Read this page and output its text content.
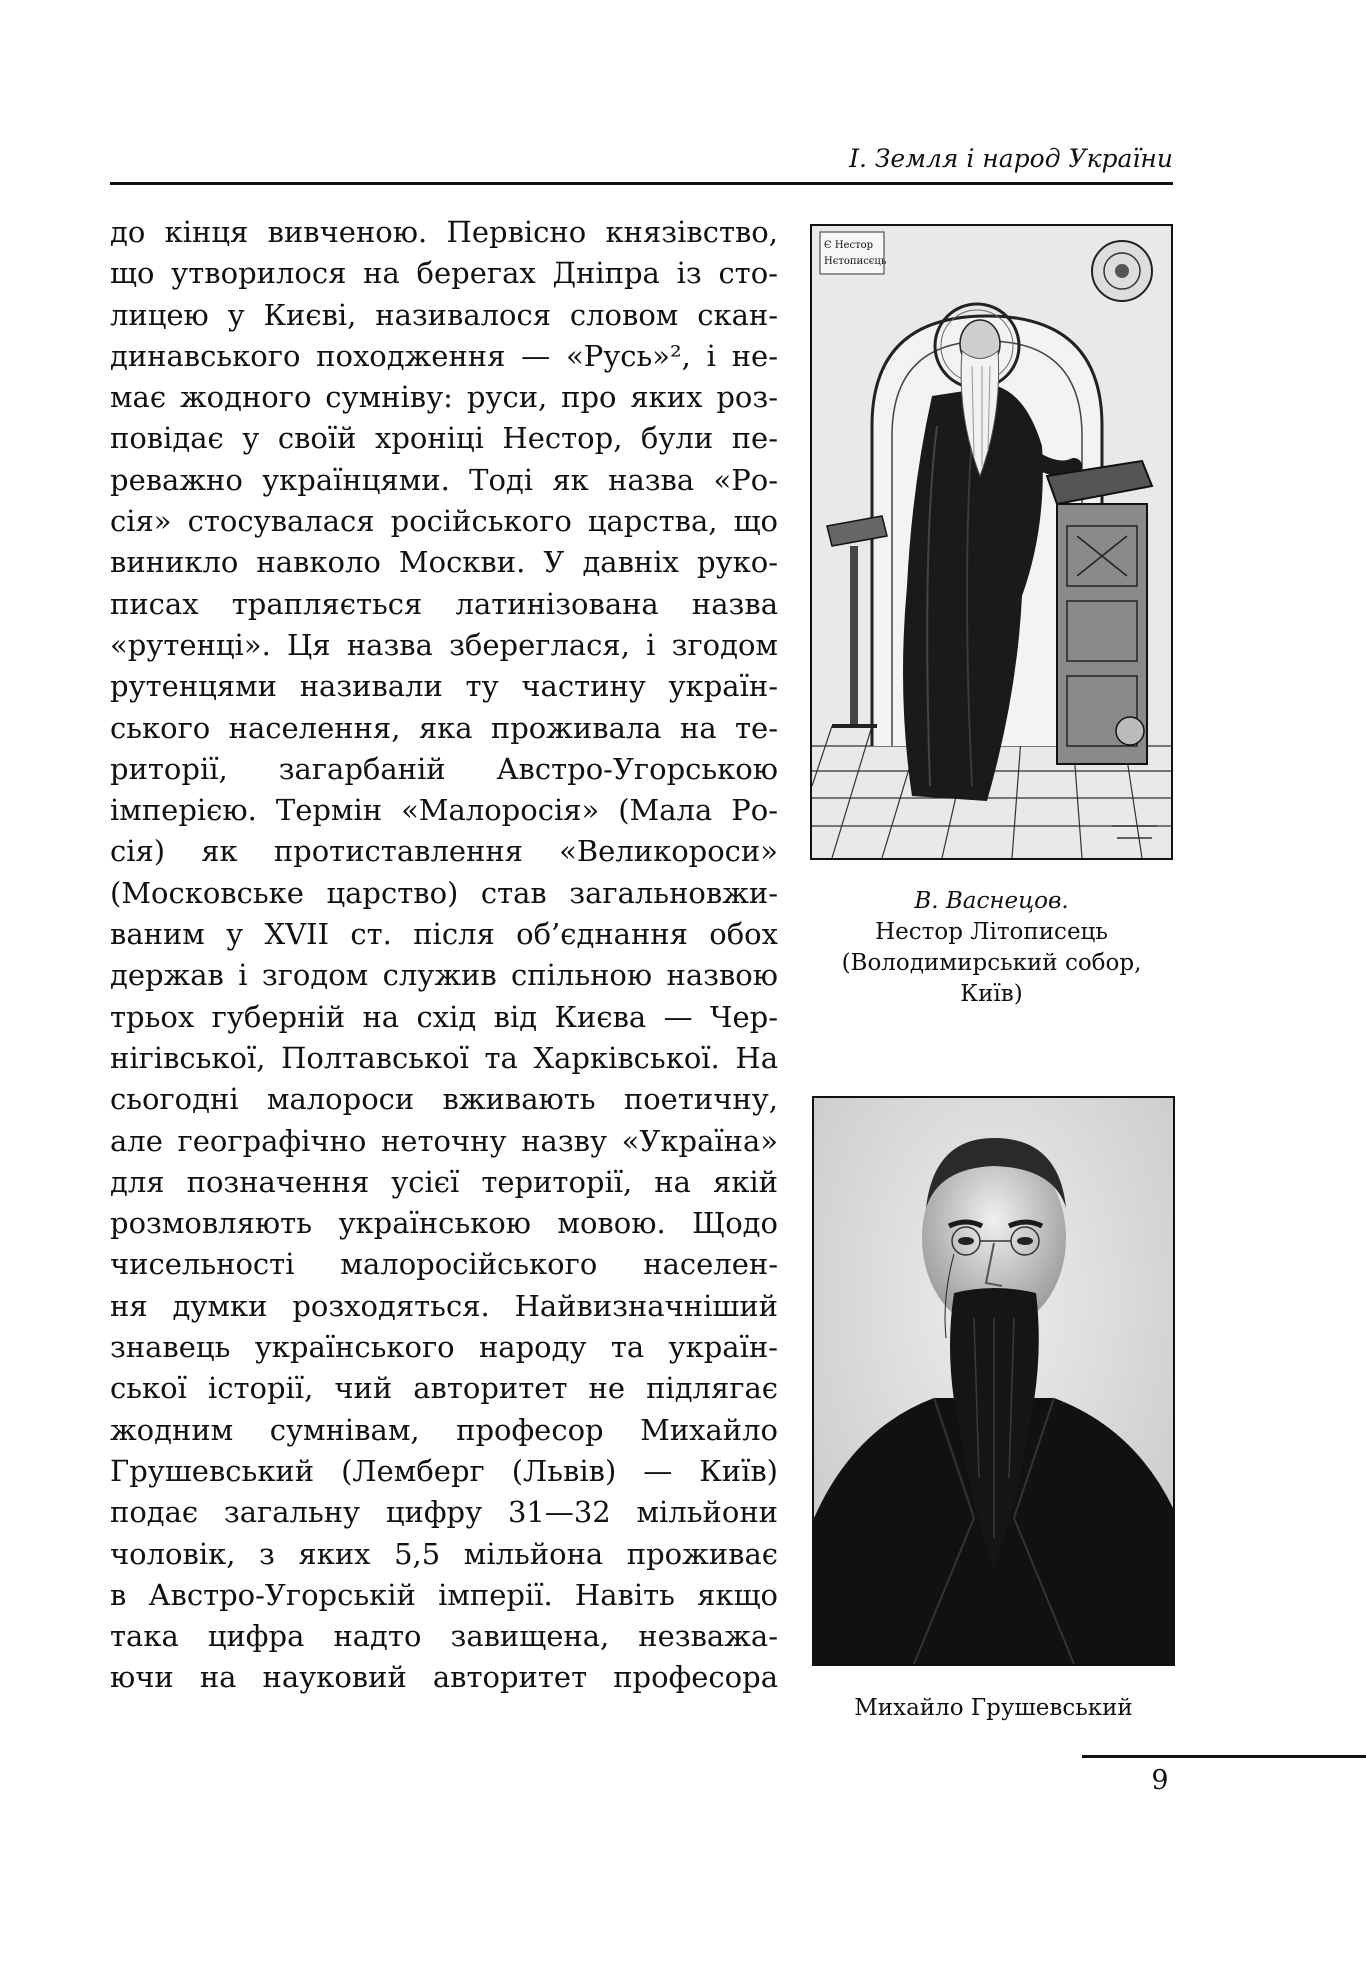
І. Земля і народ України
до кінця вивченою. Первісно князівство,
що утворилося на берегах Дніпра із сто-
лицею у Києві, називалося словом скан-
динавського походження — «Русь»², і не-
має жодного сумніву: руси, про яких роз-
повідає у своїй хроніці Нестор, були пе-
реважно українцями. Тоді як назва «Ро-
сія» стосувалася російського царства, що
виникло навколо Москви. У давніх руко-
писах трапляється латинізована назва
«рутенці». Ця назва збереглася, і згодом
рутенцями називали ту частину україн-
ського населення, яка проживала на те-
риторії, загарбаній Австро-Угорською
імперією. Термін «Малоросія» (Мала Ро-
сія) як протиставлення «Великороси»
(Московське царство) став загальновжи-
ваним у XVII ст. після об’єднання обох
держав і згодом служив спільною назвою
трьох губерній на схід від Києва — Чер-
нігівської, Полтавської та Харківської. На
сьогодні малороси вживають поетичну,
але географічно неточну назву «Україна»
для позначення усієї території, на якій
розмовляють українською мовою. Щодо
чисельності малоросійського населен-
ня думки розходяться. Найвизначніший
знавець українського народу та україн-
ської історії, чий авторитет не підлягає
жодним сумнівам, професор Михайло
Грушевський (Лемберг (Львів) — Київ)
подає загальну цифру 31—32 мільйони
чоловік, з яких 5,5 мільйона проживає
в Австро-Угорській імперії. Навіть якщо
така цифра надто завищена, незважа-
ючи на науковий авторитет професора
Є Нестор
Нєтописєць
В. Васнецов.
Нестор Літописець
(Володимирський собор,
Київ)
Михайло Грушевський
9
